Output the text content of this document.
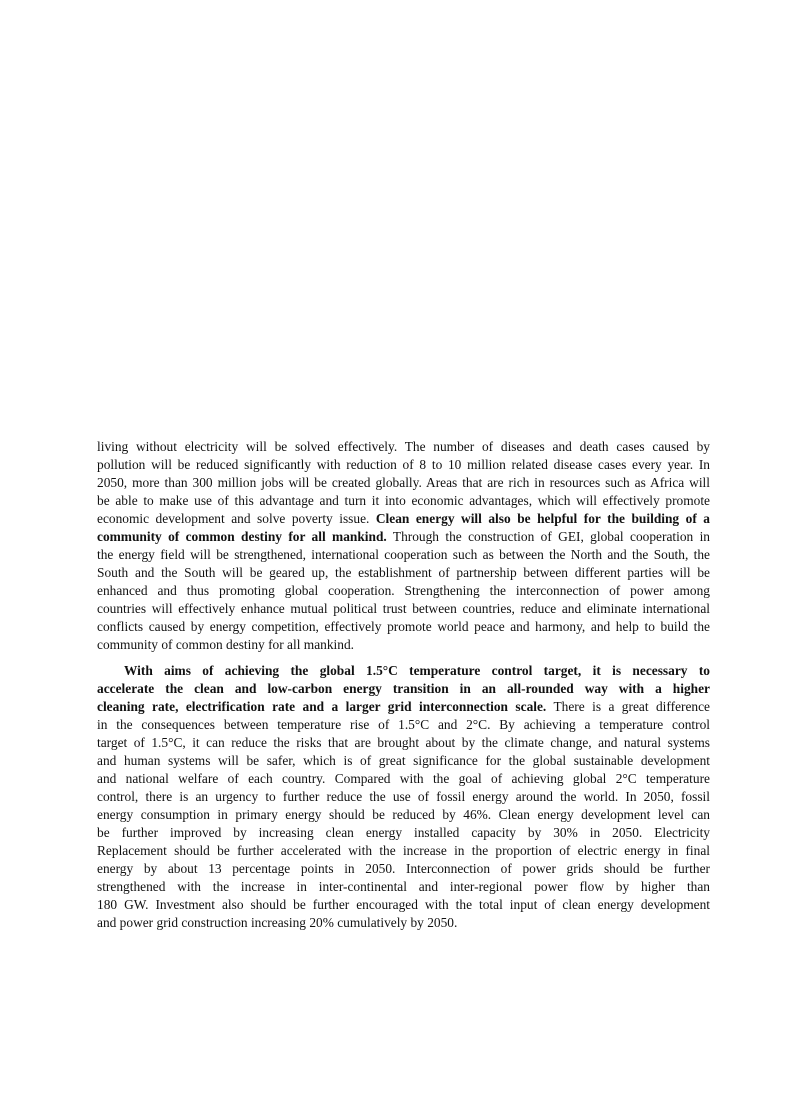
living without electricity will be solved effectively. The number of diseases and death cases caused by
pollution will be reduced significantly with reduction of 8 to 10 million related disease cases every year. In
2050, more than 300 million jobs will be created globally. Areas that are rich in resources such as Africa will
be able to make use of this advantage and turn it into economic advantages, which will effectively promote
economic development and solve poverty issue. Clean energy will also be helpful for the building of a
community of common destiny for all mankind. Through the construction of GEI, global cooperation in
the energy field will be strengthened, international cooperation such as between the North and the South, the
South and the South will be geared up, the establishment of partnership between different parties will be
enhanced and thus promoting global cooperation. Strengthening the interconnection of power among
countries will effectively enhance mutual political trust between countries, reduce and eliminate international
conflicts caused by energy competition, effectively promote world peace and harmony, and help to build the
community of common destiny for all mankind.
With aims of achieving the global 1.5°C temperature control target, it is necessary to
accelerate the clean and low-carbon energy transition in an all-rounded way with a higher
cleaning rate, electrification rate and a larger grid interconnection scale. There is a great difference
in the consequences between temperature rise of 1.5°C and 2°C. By achieving a temperature control
target of 1.5°C, it can reduce the risks that are brought about by the climate change, and natural systems
and human systems will be safer, which is of great significance for the global sustainable development
and national welfare of each country. Compared with the goal of achieving global 2°C temperature
control, there is an urgency to further reduce the use of fossil energy around the world. In 2050, fossil
energy consumption in primary energy should be reduced by 46%. Clean energy development level can
be further improved by increasing clean energy installed capacity by 30% in 2050. Electricity
Replacement should be further accelerated with the increase in the proportion of electric energy in final
energy by about 13 percentage points in 2050. Interconnection of power grids should be further
strengthened with the increase in inter-continental and inter-regional power flow by higher than
180 GW. Investment also should be further encouraged with the total input of clean energy development
and power grid construction increasing 20% cumulatively by 2050.
